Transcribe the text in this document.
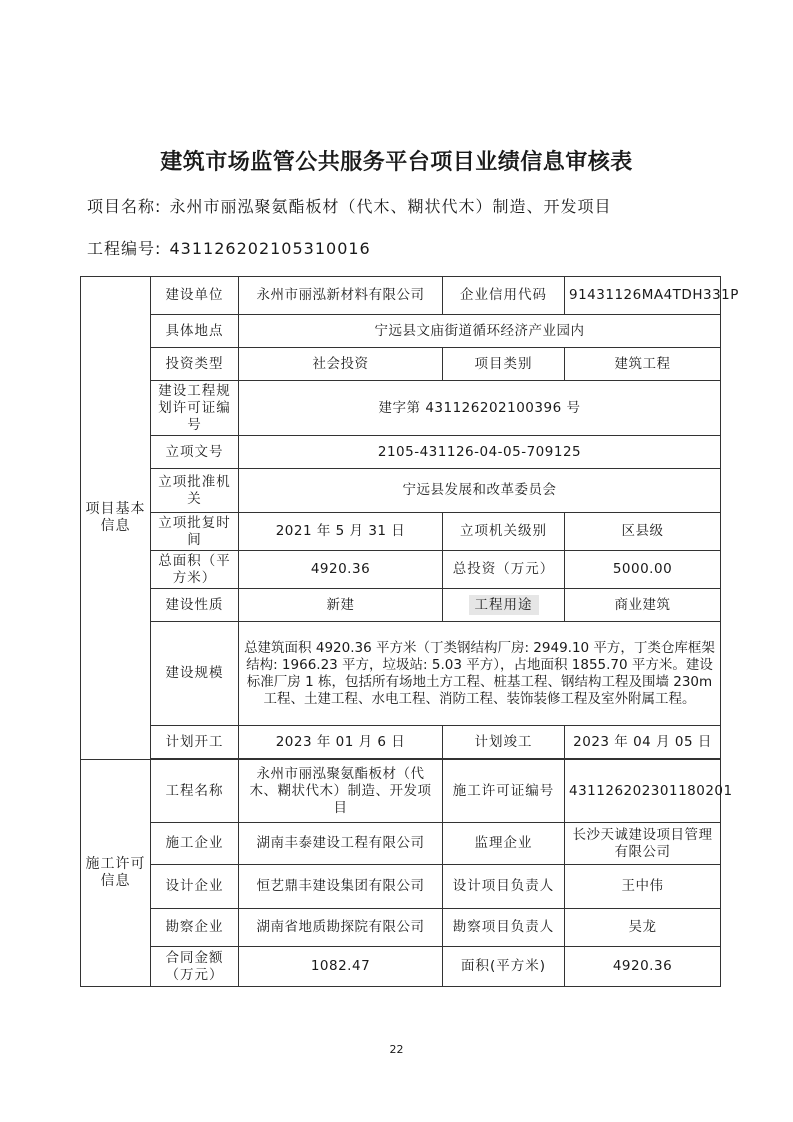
建筑市场监管公共服务平台项目业绩信息审核表
项目名称: 永州市丽泓聚氨酯板材（代木、糊状代木）制造、开发项目
工程编号: 431126202105310016
项目基本信息	建设单位	永州市丽泓新材料有限公司	企业信用代码	91431126MA4TDH331P
	具体地点	宁远县文庙街道循环经济产业园内		
	投资类型	社会投资	项目类别	建筑工程
	建设工程规划许可证编号	建字第 431126202100396 号		
	立项文号	2105-431126-04-05-709125		
	立项批准机关	宁远县发展和改革委员会		
	立项批复时间	2021 年 5 月 31 日	立项机关级别	区县级
	总面积（平方米）	4920.36	总投资（万元）	5000.00
	建设性质	新建	工程用途	商业建筑
	建设规模	总建筑面积 4920.36 平方米（丁类钢结构厂房: 2949.10 平方，丁类仓库框架结构: 1966.23 平方，垃圾站: 5.03 平方），占地面积 1855.70 平方米。建设标准厂房 1 栋，包括所有场地土方工程、桩基工程、钢结构工程及围墙 230m 工程、土建工程、水电工程、消防工程、装饰装修工程及室外附属工程。		
	计划开工	2023 年 01 月 6 日	计划竣工	2023 年 04 月 05 日

施工许可信息	工程名称	永州市丽泓聚氨酯板材（代木、糊状代木）制造、开发项目	施工许可证编号	431126202301180201
	施工企业	湖南丰泰建设工程有限公司	监理企业	长沙天诚建设项目管理有限公司
	设计企业	恒艺鼎丰建设集团有限公司	设计项目负责人	王中伟
	勘察企业	湖南省地质勘探院有限公司	勘察项目负责人	吴龙
	合同金额（万元）	1082.47	面积(平方米)	4920.36
22
